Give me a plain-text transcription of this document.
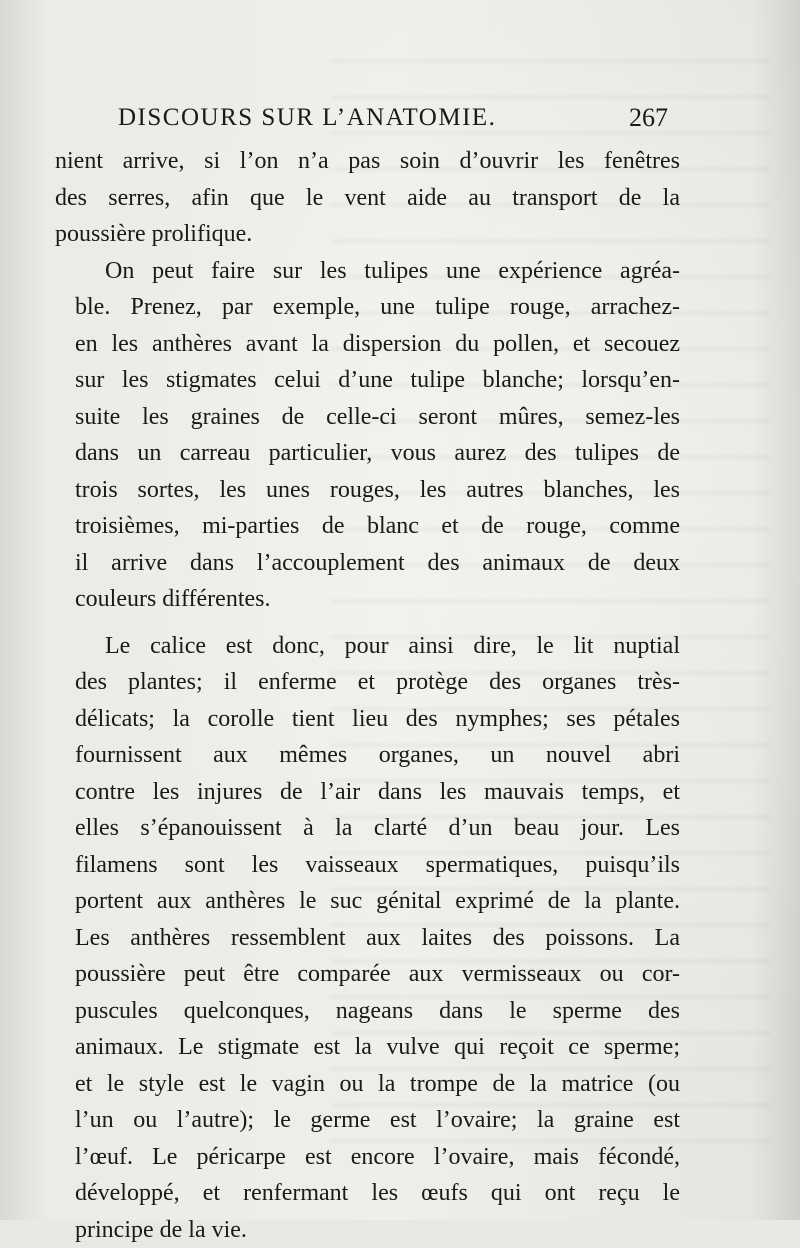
DISCOURS SUR L’ANATOMIE.	267
nient arrive, si l’on n’a pas soin d’ouvrir les fenêtres
des serres, afin que le vent aide au transport de la
poussière prolifique.
On peut faire sur les tulipes une expérience agréa-
ble. Prenez, par exemple, une tulipe rouge, arrachez-
en les anthères avant la dispersion du pollen, et secouez
sur les stigmates celui d’une tulipe blanche; lorsqu’en-
suite les graines de celle-ci seront mûres, semez-les
dans un carreau particulier, vous aurez des tulipes de
trois sortes, les unes rouges, les autres blanches, les
troisièmes, mi-parties de blanc et de rouge, comme
il arrive dans l’accouplement des animaux de deux
couleurs différentes.
Le calice est donc, pour ainsi dire, le lit nuptial
des plantes; il enferme et protège des organes très-
délicats; la corolle tient lieu des nymphes; ses pétales
fournissent aux mêmes organes, un nouvel abri
contre les injures de l’air dans les mauvais temps, et
elles s’épanouissent à la clarté d’un beau jour. Les
filamens sont les vaisseaux spermatiques, puisqu’ils
portent aux anthères le suc génital exprimé de la plante.
Les anthères ressemblent aux laites des poissons. La
poussière peut être comparée aux vermisseaux ou cor-
puscules quelconques, nageans dans le sperme des
animaux. Le stigmate est la vulve qui reçoit ce sperme;
et le style est le vagin ou la trompe de la matrice (ou
l’un ou l’autre); le germe est l’ovaire; la graine est
l’œuf. Le péricarpe est encore l’ovaire, mais fécondé,
développé, et renfermant les œufs qui ont reçu le
principe de la vie.
